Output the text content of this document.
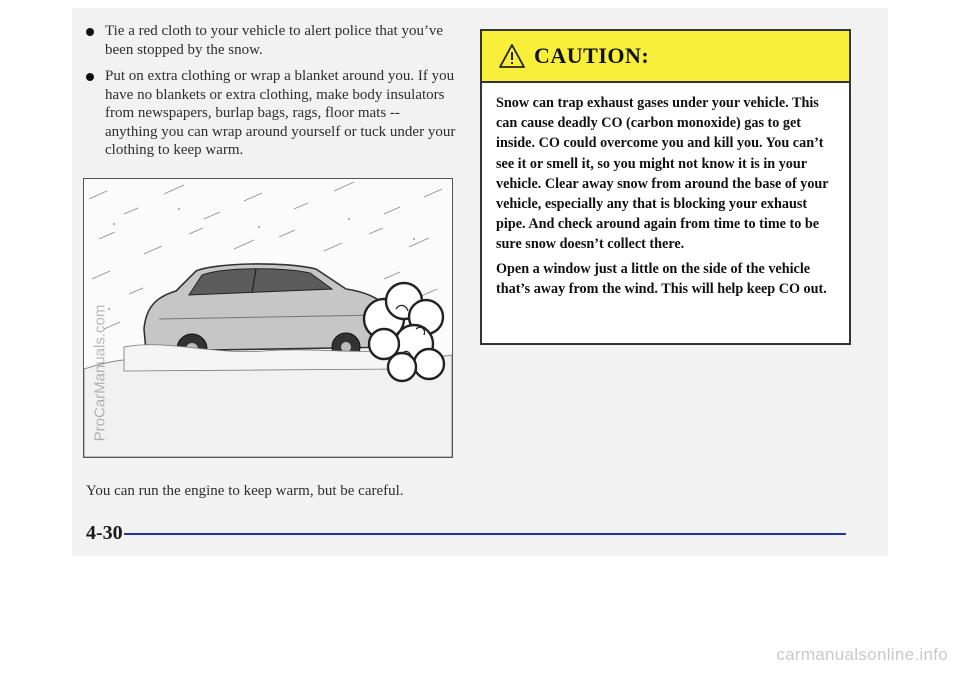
Tie a red cloth to your vehicle to alert police that you’ve been stopped by the snow.
Put on extra clothing or wrap a blanket around you. If you have no blankets or extra clothing, make body insulators from newspapers, burlap bags, rags, floor mats -- anything you can wrap around yourself or tuck under your clothing to keep warm.
You can run the engine to keep warm, but be careful.
CAUTION:

Snow can trap exhaust gases under your vehicle. This can cause deadly CO (carbon monoxide) gas to get inside. CO could overcome you and kill you. You can’t see it or smell it, so you might not know it is in your vehicle. Clear away snow from around the base of your vehicle, especially any that is blocking your exhaust pipe. And check around again from time to time to be sure snow doesn’t collect there.

Open a window just a little on the side of the vehicle that’s away from the wind. This will help keep CO out.

4-30
ProCarManuals.com
carmanualsonline.info
